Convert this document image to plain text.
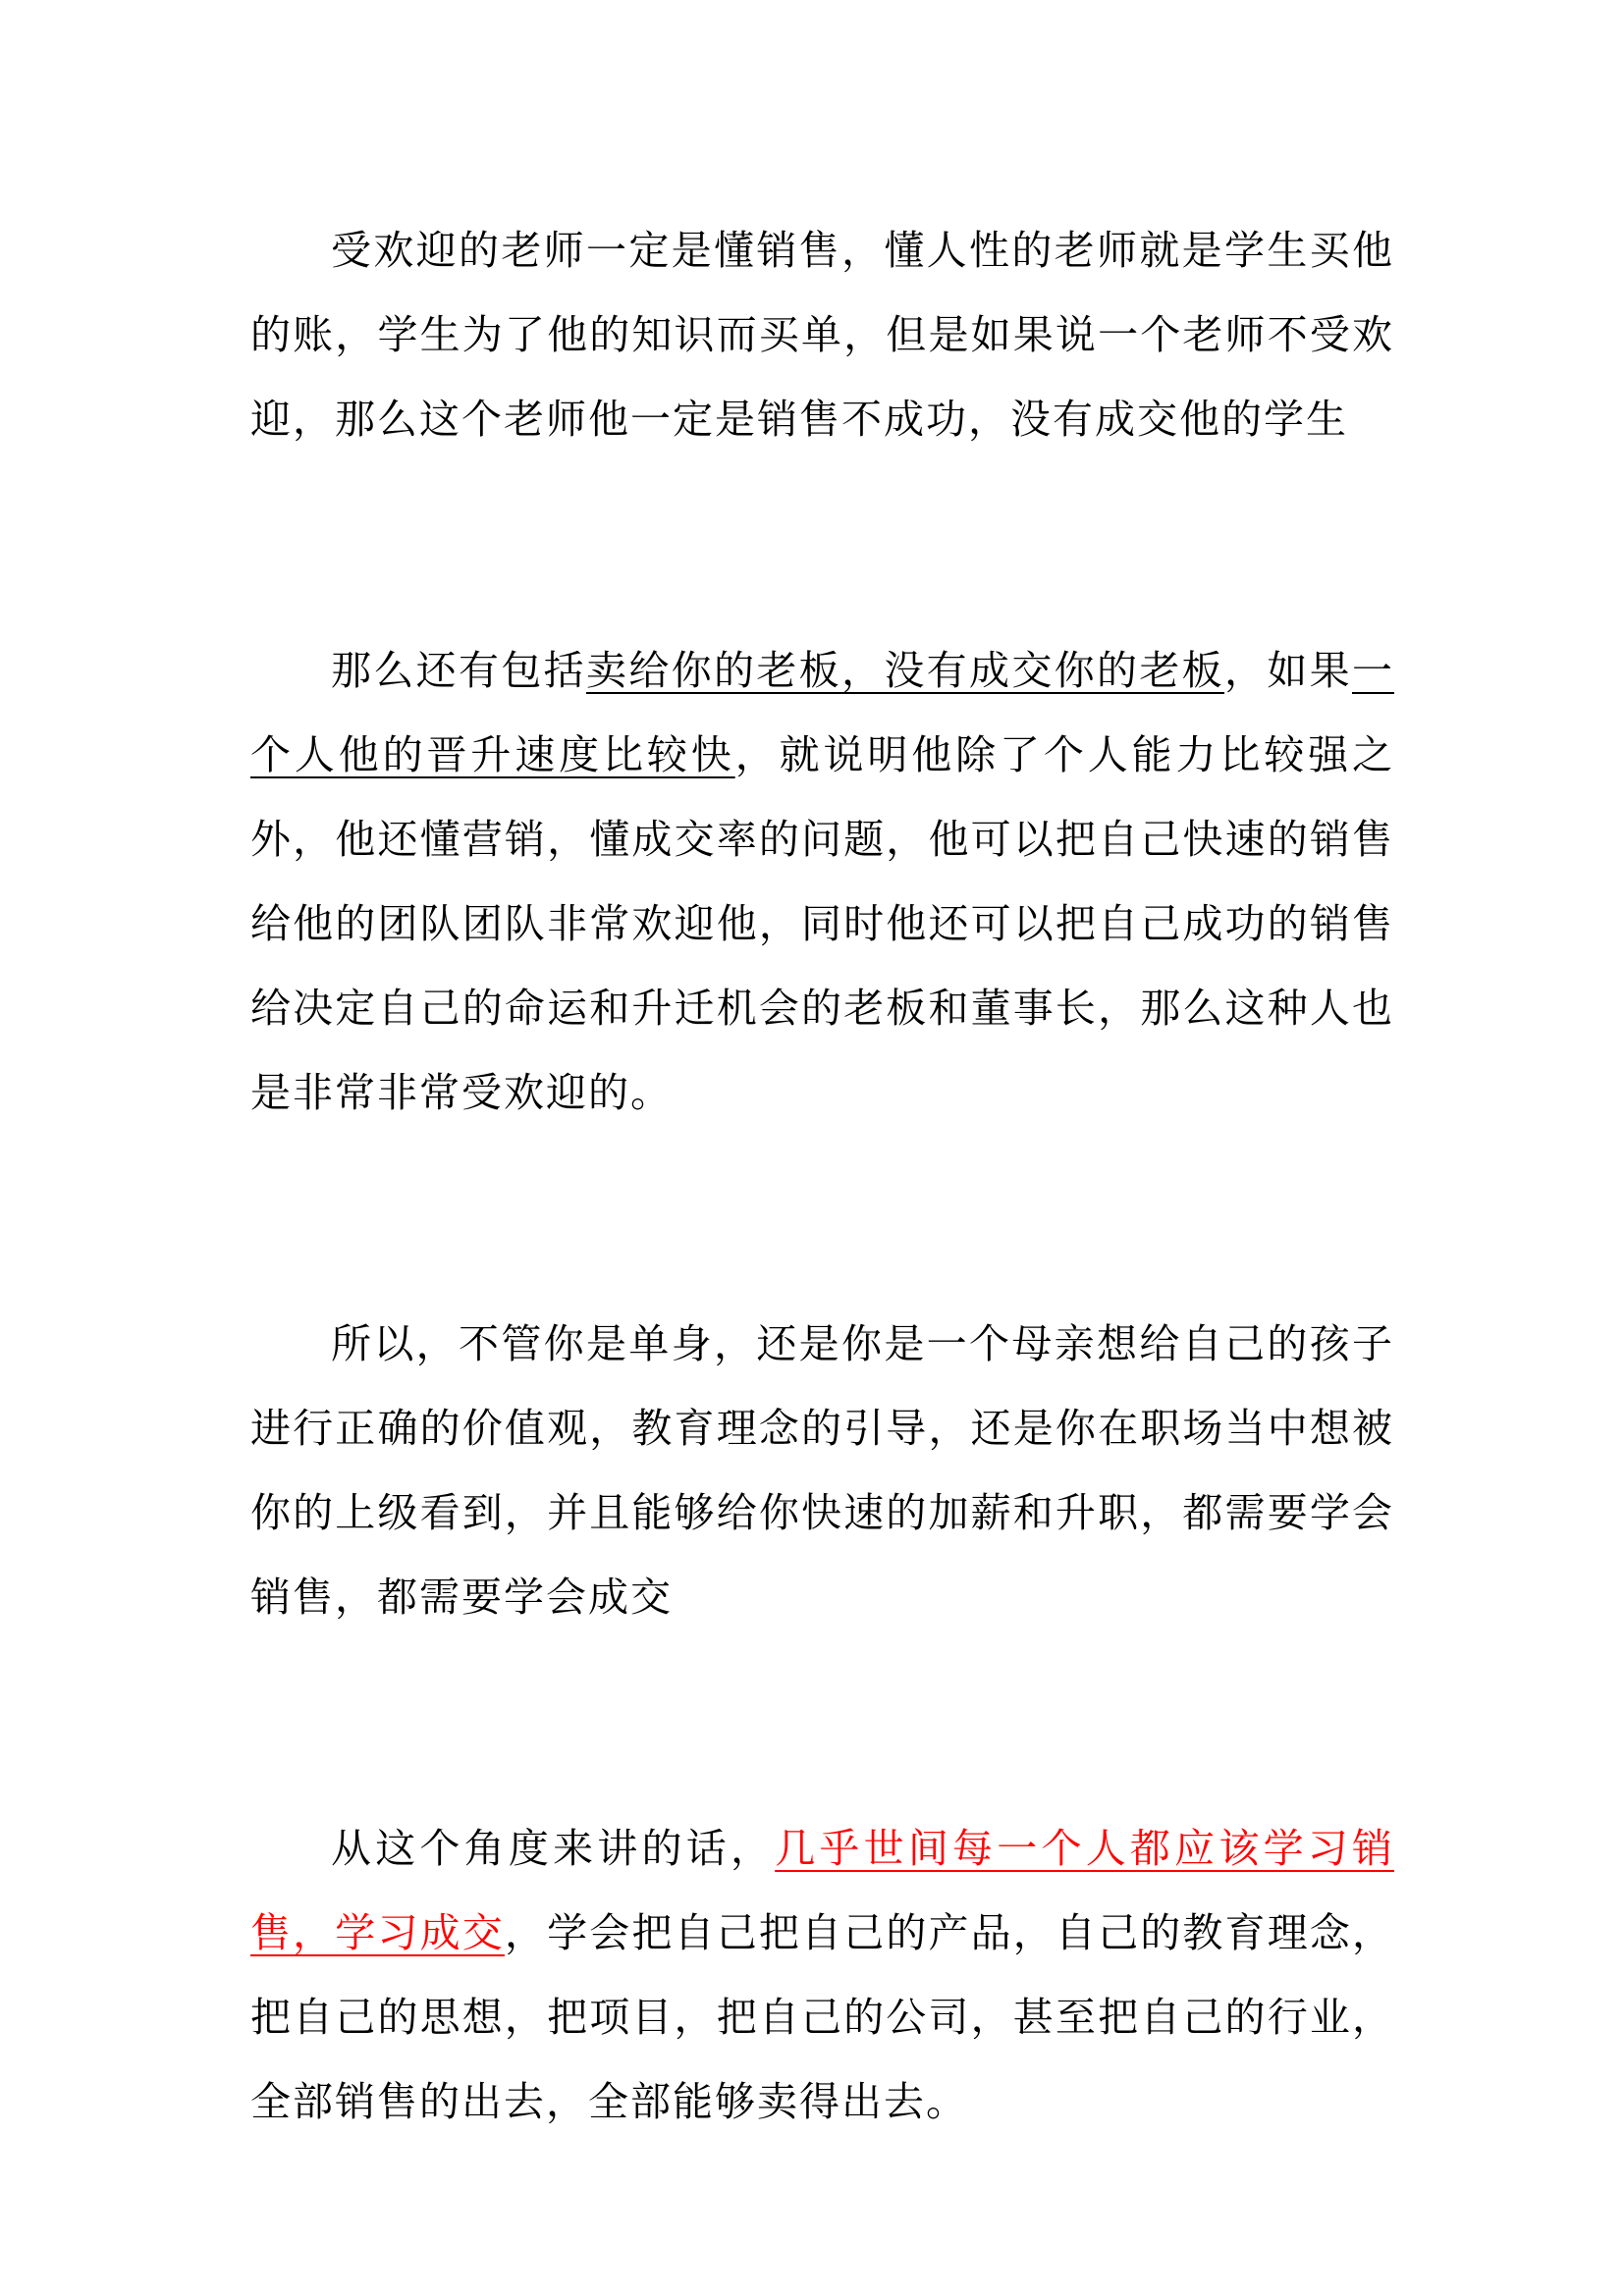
受欢迎的老师一定是懂销售，懂人性的老师就是学生买他的账，学生为了他的知识而买单，但是如果说一个老师不受欢迎，那么这个老师他一定是销售不成功，没有成交他的学生

那么还有包括卖给你的老板，没有成交你的老板，如果一个人他的晋升速度比较快，就说明他除了个人能力比较强之外，他还懂营销，懂成交率的问题，他可以把自己快速的销售给他的团队团队非常欢迎他，同时他还可以把自己成功的销售给决定自己的命运和升迁机会的老板和董事长，那么这种人也是非常非常受欢迎的。

所以，不管你是单身，还是你是一个母亲想给自己的孩子进行正确的价值观，教育理念的引导，还是你在职场当中想被你的上级看到，并且能够给你快速的加薪和升职，都需要学会销售，都需要学会成交

从这个角度来讲的话，几乎世间每一个人都应该学习销售，学习成交，学会把自己把自己的产品，自己的教育理念，把自己的思想，把项目，把自己的公司，甚至把自己的行业，全部销售的出去，全部能够卖得出去。
